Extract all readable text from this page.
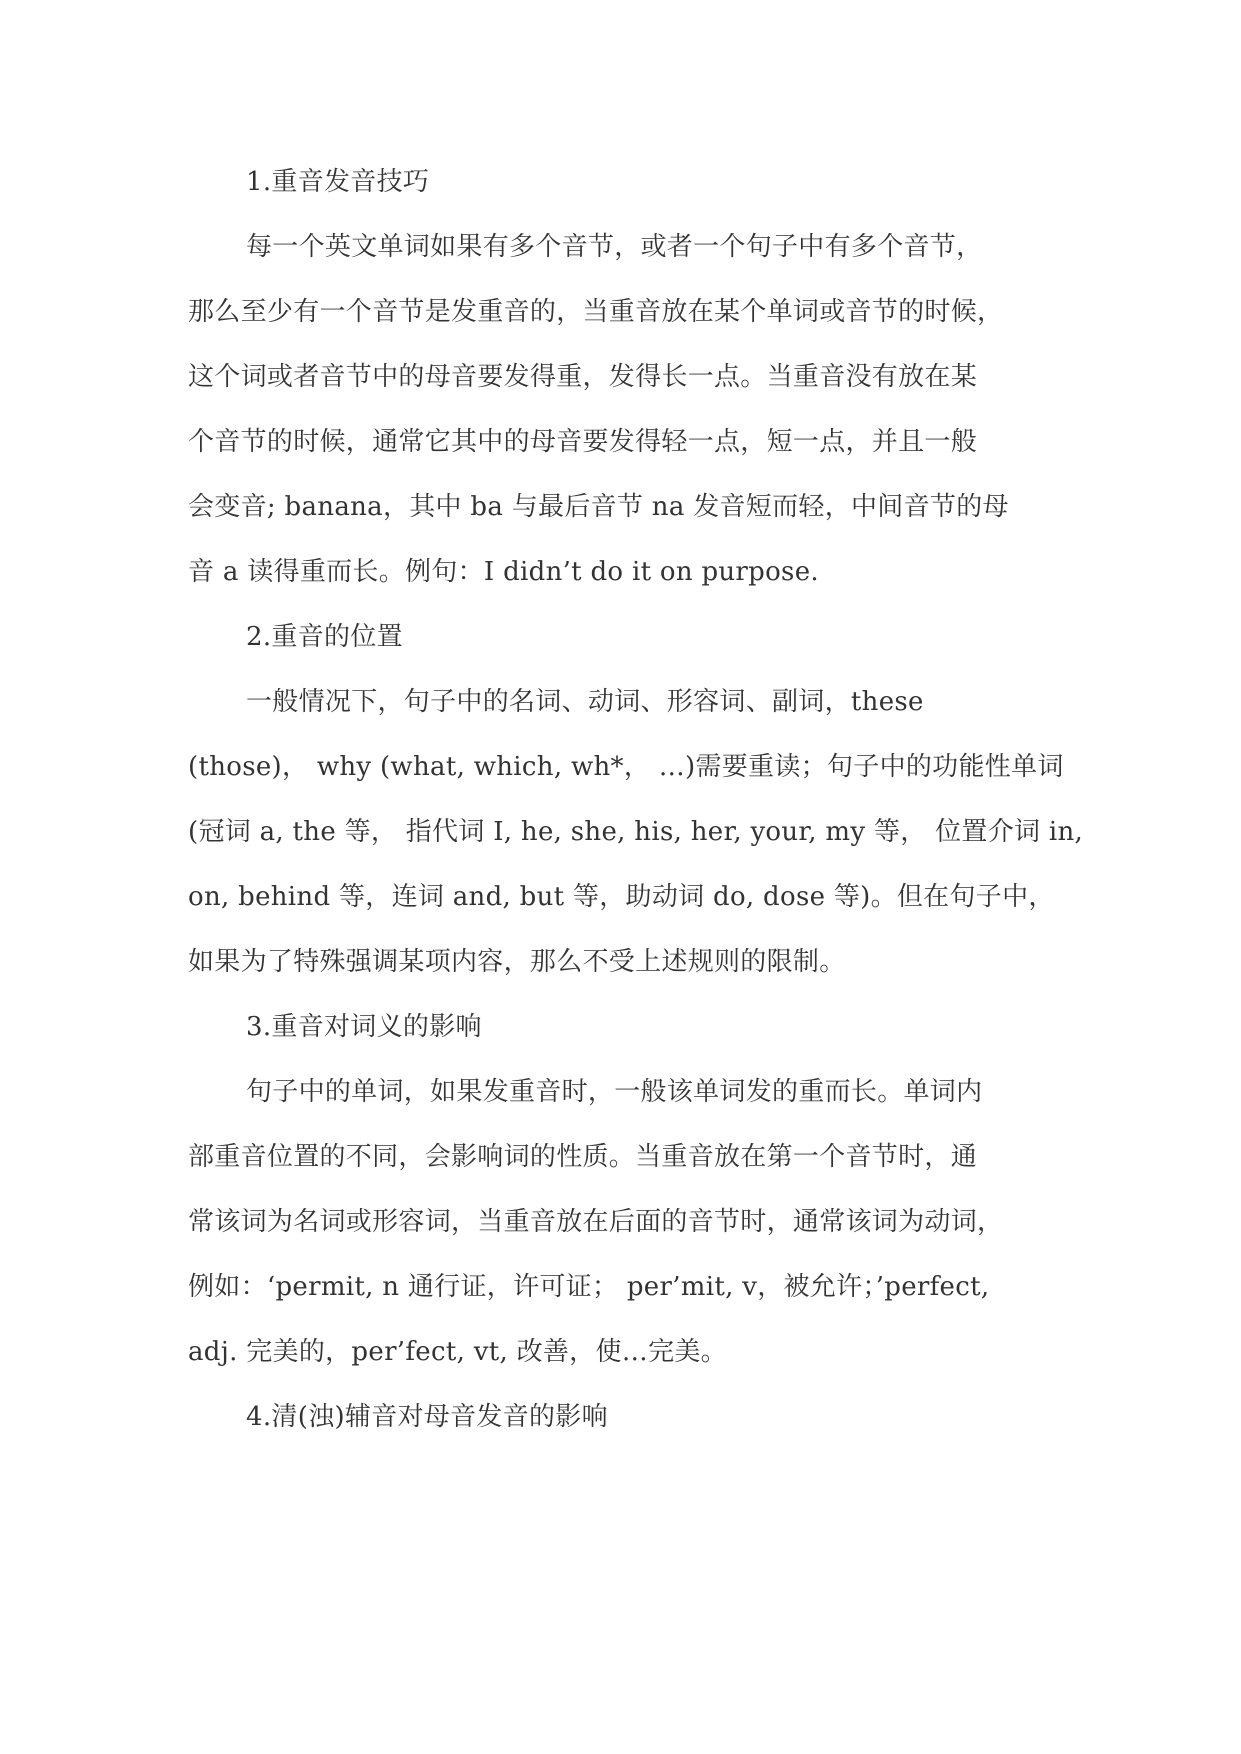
1.重音发音技巧
每一个英文单词如果有多个音节，或者一个句子中有多个音节，
那么至少有一个音节是发重音的，当重音放在某个单词或音节的时候，
这个词或者音节中的母音要发得重，发得长一点。当重音没有放在某
个音节的时候，通常它其中的母音要发得轻一点，短一点，并且一般
会变音; banana，其中 ba 与最后音节 na 发音短而轻，中间音节的母
音 a 读得重而长。例句：I didn’t do it on purpose.
2.重音的位置
一般情况下，句子中的名词、动词、形容词、副词，these
(those)， why (what, which, wh*， …)需要重读；句子中的功能性单词
(冠词 a, the 等， 指代词 I, he, she, his, her, your, my 等， 位置介词 in,
on, behind 等，连词 and, but 等，助动词 do, dose 等)。但在句子中，
如果为了特殊强调某项内容，那么不受上述规则的限制。
3.重音对词义的影响
句子中的单词，如果发重音时，一般该单词发的重而长。单词内
部重音位置的不同，会影响词的性质。当重音放在第一个音节时，通
常该词为名词或形容词，当重音放在后面的音节时，通常该词为动词，
例如：‘permit, n 通行证，许可证； per’mit, v，被允许；’perfect,
adj. 完美的，per’fect, vt, 改善，使…完美。
4.清(浊)辅音对母音发音的影响
